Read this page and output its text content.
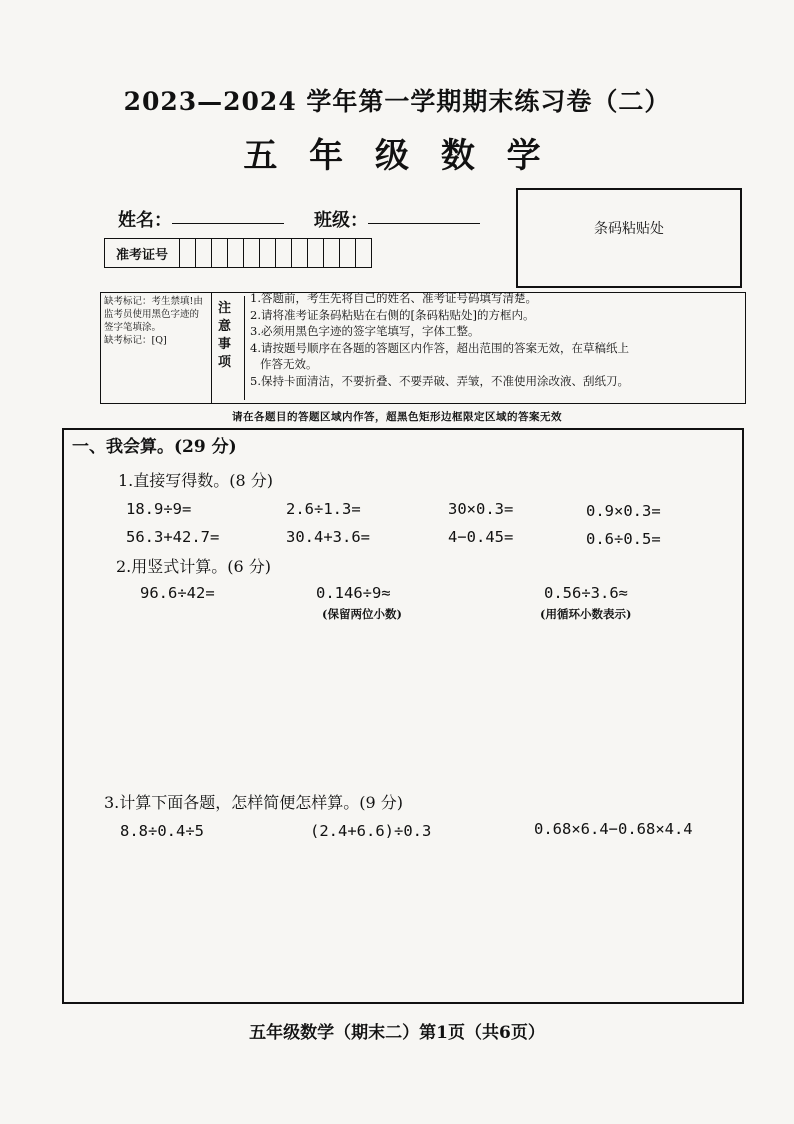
2023—2024 学年第一学期期末练习卷（二）
五 年 级 数 学
姓名：	班级：
准考证号
条码粘贴处
缺考标记：考生禁填!由监考员使用黑色字迹的签字笔填涂。
缺考标记：[Q]
注
意
事
项
1.答题前，考生先将自己的姓名、准考证号码填写清楚。
2.请将准考证条码粘贴在右侧的[条码粘贴处]的方框内。
3.必须用黑色字迹的签字笔填写，字体工整。
4.请按题号顺序在各题的答题区内作答，超出范围的答案无效，在草稿纸上
作答无效。
5.保持卡面清洁，不要折叠、不要弄破、弄皱，不准使用涂改液、刮纸刀。
请在各题目的答题区域内作答，超黑色矩形边框限定区域的答案无效
一、我会算。(29 分)
1.直接写得数。(8 分)
18.9÷9=	2.6÷1.3=	30×0.3=	0.9×0.3=
56.3+42.7=	30.4+3.6=	4−0.45=	0.6÷0.5=
2.用竖式计算。(6 分)
96.6÷42=	0.146÷9≈	0.56÷3.6≈
(保留两位小数)	(用循环小数表示)
3.计算下面各题，怎样简便怎样算。(9 分)
8.8÷0.4÷5	(2.4+6.6)÷0.3	0.68×6.4−0.68×4.4
五年级数学（期末二）第1页（共6页）
